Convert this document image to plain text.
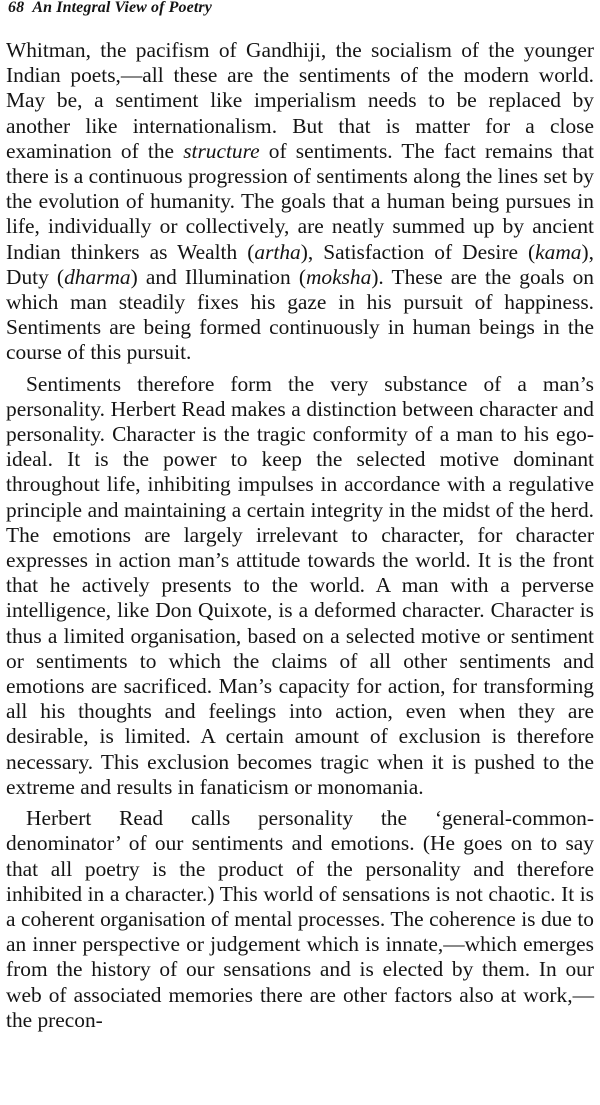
68 An Integral View of Poetry

Whitman, the pacifism of Gandhiji, the socialism of the younger Indian poets,—all these are the sentiments of the modern world. May be, a sentiment like imperialism needs to be replaced by another like internationalism. But that is matter for a close examination of the structure of sentiments. The fact remains that there is a continuous progression of sentiments along the lines set by the evolution of humanity. The goals that a human being pursues in life, individually or collectively, are neatly summed up by ancient Indian thinkers as Wealth (artha), Satisfaction of Desire (kama), Duty (dharma) and Illumination (moksha). These are the goals on which man steadily fixes his gaze in his pursuit of happiness. Sentiments are being formed continuously in human beings in the course of this pursuit.

Sentiments therefore form the very substance of a man’s personality. Herbert Read makes a distinction between character and personality. Character is the tragic conformity of a man to his ego-ideal. It is the power to keep the selected motive dominant throughout life, inhibiting impulses in accordance with a regulative principle and maintaining a certain integrity in the midst of the herd. The emotions are largely irrelevant to character, for character expresses in action man’s attitude towards the world. It is the front that he actively presents to the world. A man with a perverse intelligence, like Don Quixote, is a deformed character. Character is thus a limited organisation, based on a selected motive or sentiment or sentiments to which the claims of all other sentiments and emotions are sacrificed. Man’s capacity for action, for transforming all his thoughts and feelings into action, even when they are desirable, is limited. A certain amount of exclusion is therefore necessary. This exclusion becomes tragic when it is pushed to the extreme and results in fanaticism or monomania.

Herbert Read calls personality the ‘general-common-denominator’ of our sentiments and emotions. (He goes on to say that all poetry is the product of the personality and therefore inhibited in a character.) This world of sensations is not chaotic. It is a coherent organisation of mental processes. The coherence is due to an inner perspective or judgement which is innate,—which emerges from the history of our sensations and is elected by them. In our web of associated memories there are other factors also at work,—the precon-
